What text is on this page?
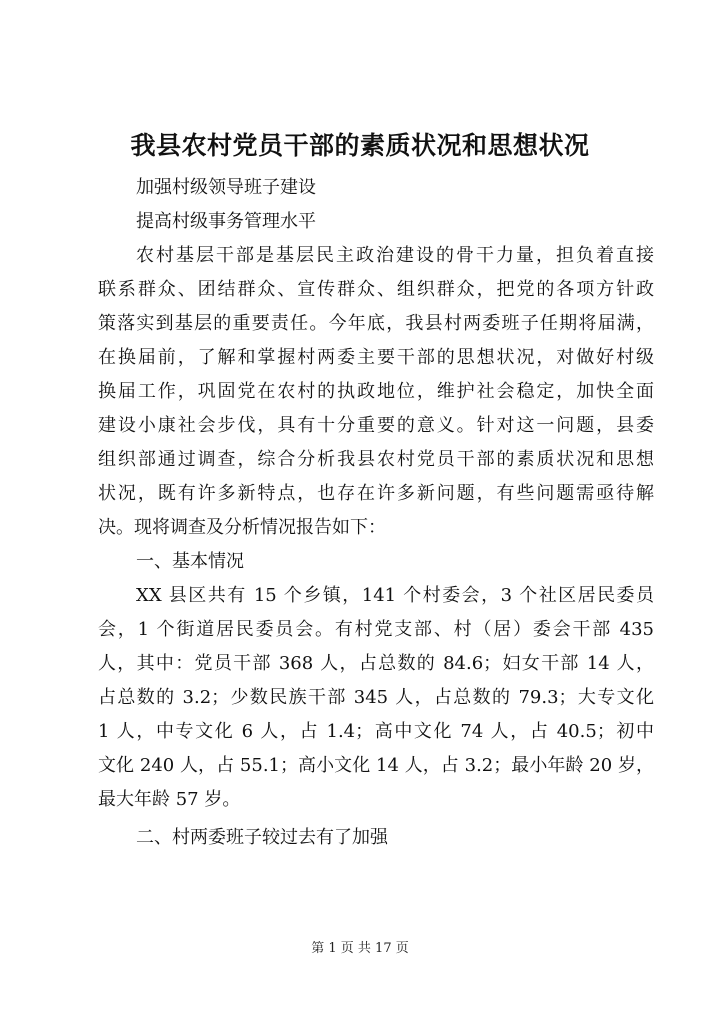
我县农村党员干部的素质状况和思想状况
加强村级领导班子建设
提高村级事务管理水平
农村基层干部是基层民主政治建设的骨干力量，担负着直接
联系群众、团结群众、宣传群众、组织群众，把党的各项方针政
策落实到基层的重要责任。今年底，我县村两委班子任期将届满，
在换届前，了解和掌握村两委主要干部的思想状况，对做好村级
换届工作，巩固党在农村的执政地位，维护社会稳定，加快全面
建设小康社会步伐，具有十分重要的意义。针对这一问题，县委
组织部通过调查，综合分析我县农村党员干部的素质状况和思想
状况，既有许多新特点，也存在许多新问题，有些问题需亟待解
决。现将调查及分析情况报告如下：
一、基本情况
XX 县区共有 15 个乡镇，141 个村委会，3 个社区居民委员
会，1 个街道居民委员会。有村党支部、村（居）委会干部 435
人，其中：党员干部 368 人，占总数的 84.6；妇女干部 14 人，
占总数的 3.2；少数民族干部 345 人，占总数的 79.3；大专文化
1 人，中专文化 6 人，占 1.4；高中文化 74 人，占 40.5；初中
文化 240 人，占 55.1；高小文化 14 人，占 3.2；最小年龄 20 岁，
最大年龄 57 岁。
二、村两委班子较过去有了加强
第 1 页 共 17 页
